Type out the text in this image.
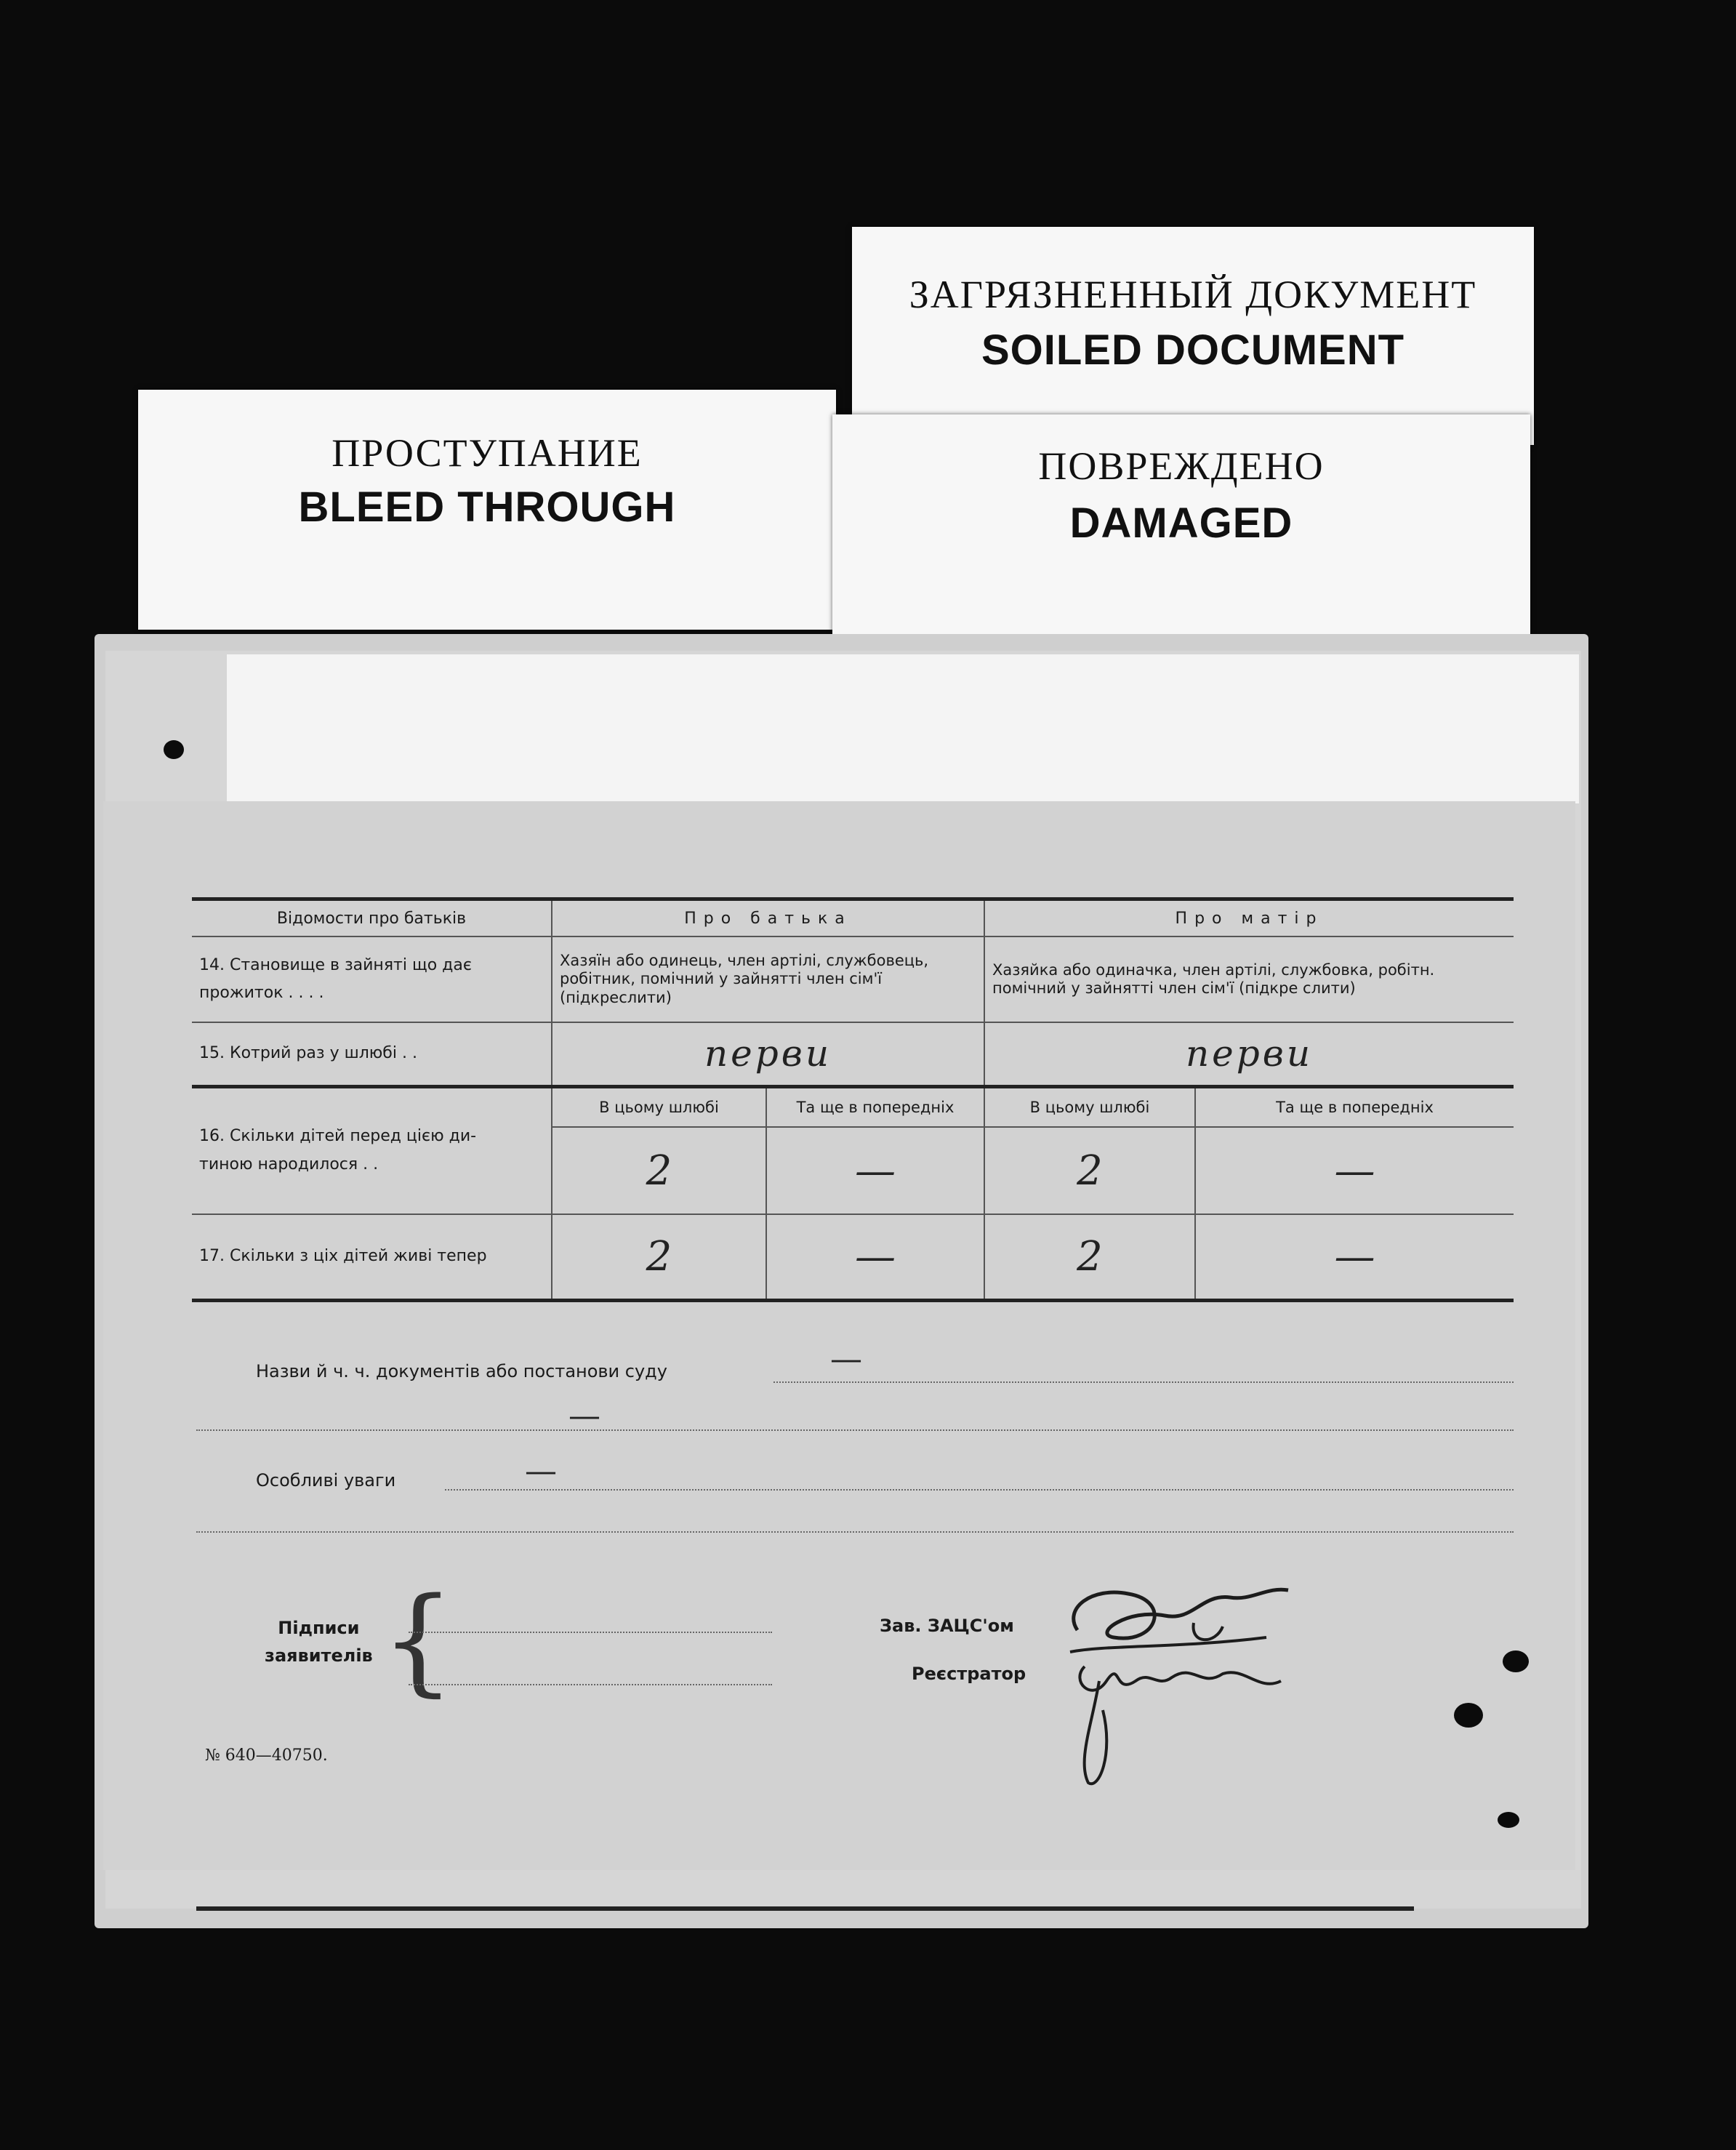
ЗАГРЯЗНЕННЫЙ ДОКУМЕНТ
SOILED DOCUMENT
ПРОСТУПАНИЕ
BLEED THROUGH
ПОВРЕЖДЕНО
DAMAGED
Відомости про батьків	Про батька		Про матір	
14. Становище в зайняті що дає
прожиток . . . .	Хазяїн або одинець, член артілі, службовець, робітник, помічний у зайнятті член сім'ї (підкреслити)		Хазяйка або одиначка, член артілі, службовка, робітн. помічний у зайнятті член сім'ї (підкре слити)	
15. Котрий раз у шлюбі . .	перви		перви	
16. Скільки дітей перед цією ди-
тиною народилося . .	В цьому шлюбі	Та ще в попередніх	В цьому шлюбі	Та ще в попередніх
	2	—	2	—
17. Скільки з ціх дітей живі тепер	2	—	2	—
Назви й ч. ч. документів або постанови суду	—
—
Особливі уваги	—
Підписи
заявителів {	Зав. ЗАЦС'ом
Реєстратор
№ 640—40750.
